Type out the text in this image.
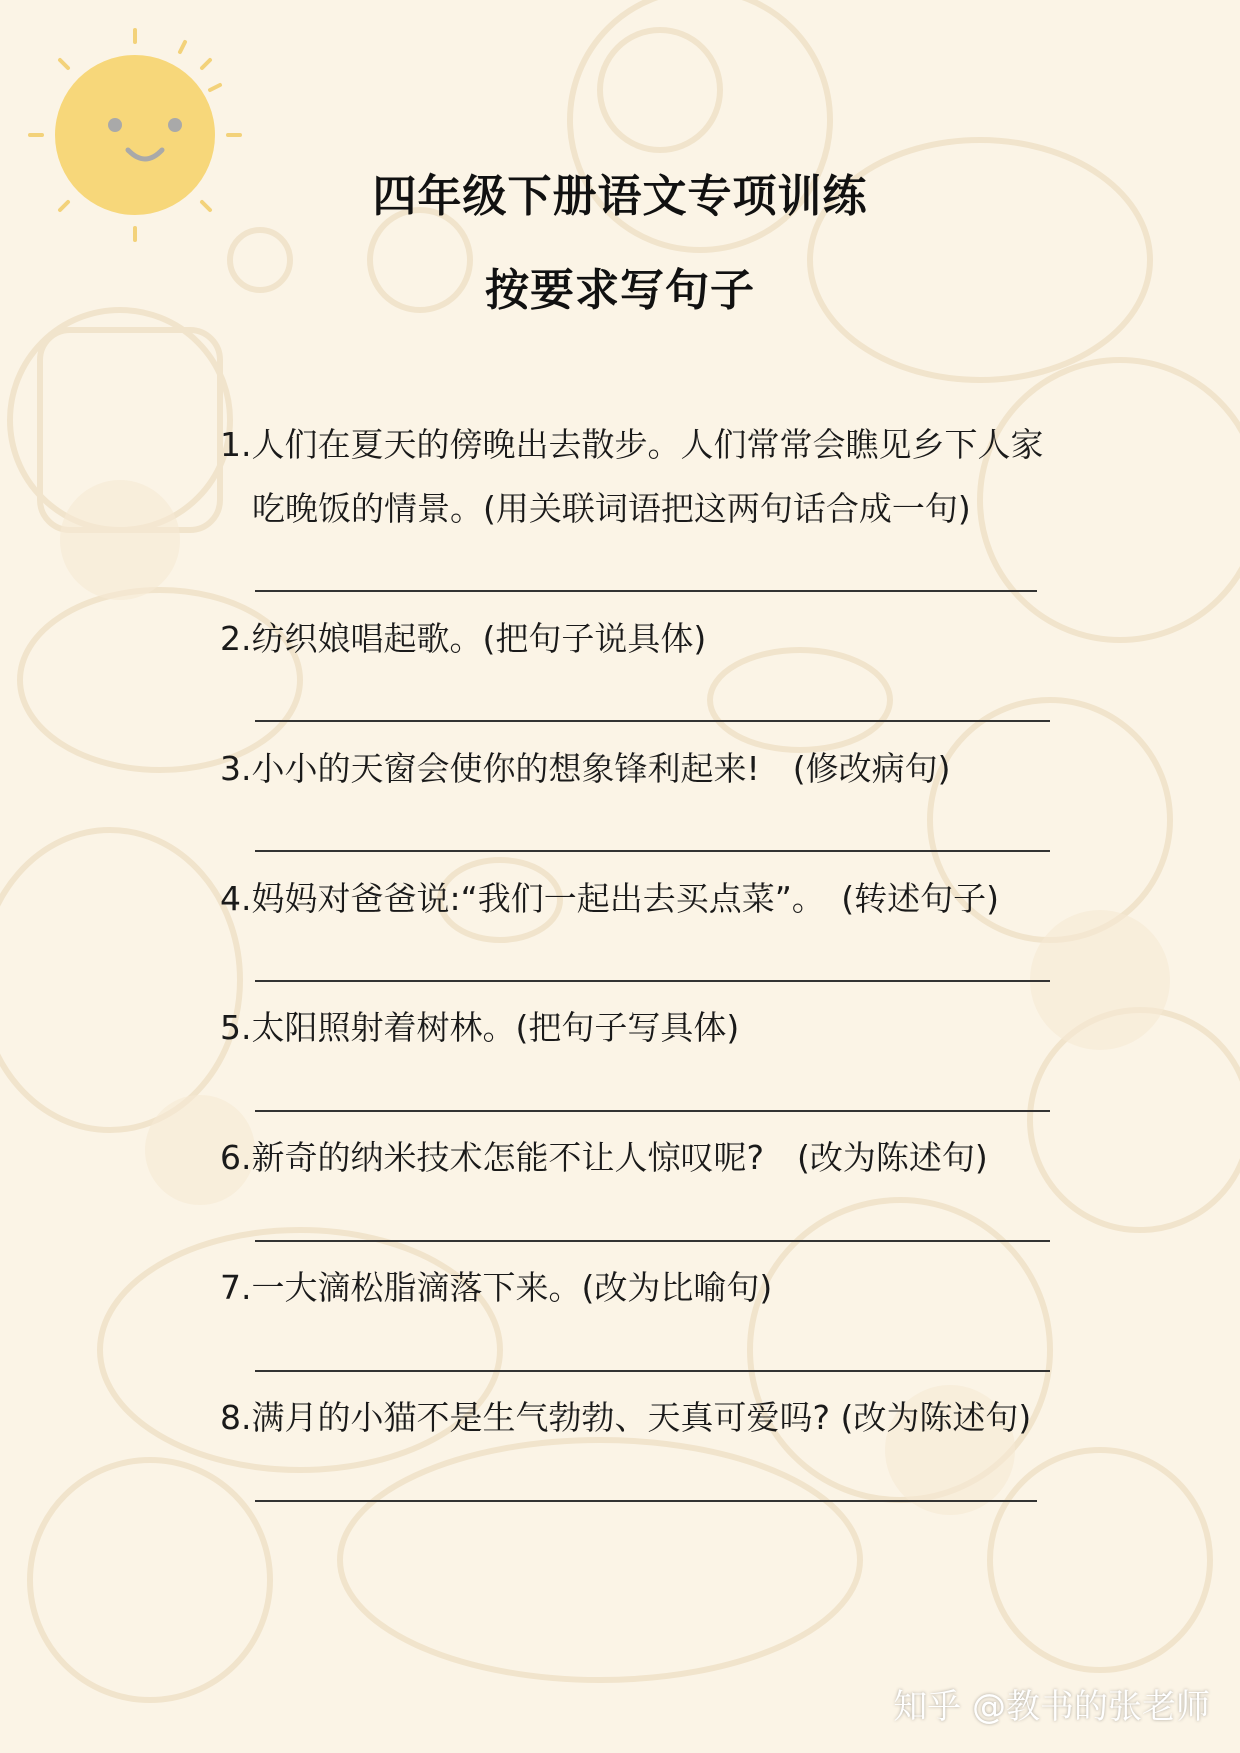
四年级下册语文专项训练
按要求写句子
1.人们在夏天的傍晚出去散步。人们常常会瞧见乡下人家
吃晚饭的情景。(用关联词语把这两句话合成一句)
2.纺织娘唱起歌。(把句子说具体)
3.小小的天窗会使你的想象锋利起来!　(修改病句)
4.妈妈对爸爸说:“我们一起出去买点菜”。　(转述句子)
5.太阳照射着树林。(把句子写具体)
6.新奇的纳米技术怎能不让人惊叹呢?　(改为陈述句)
7.一大滴松脂滴落下来。(改为比喻句)
8.满月的小猫不是生气勃勃、天真可爱吗? (改为陈述句)
知乎 @教书的张老师
